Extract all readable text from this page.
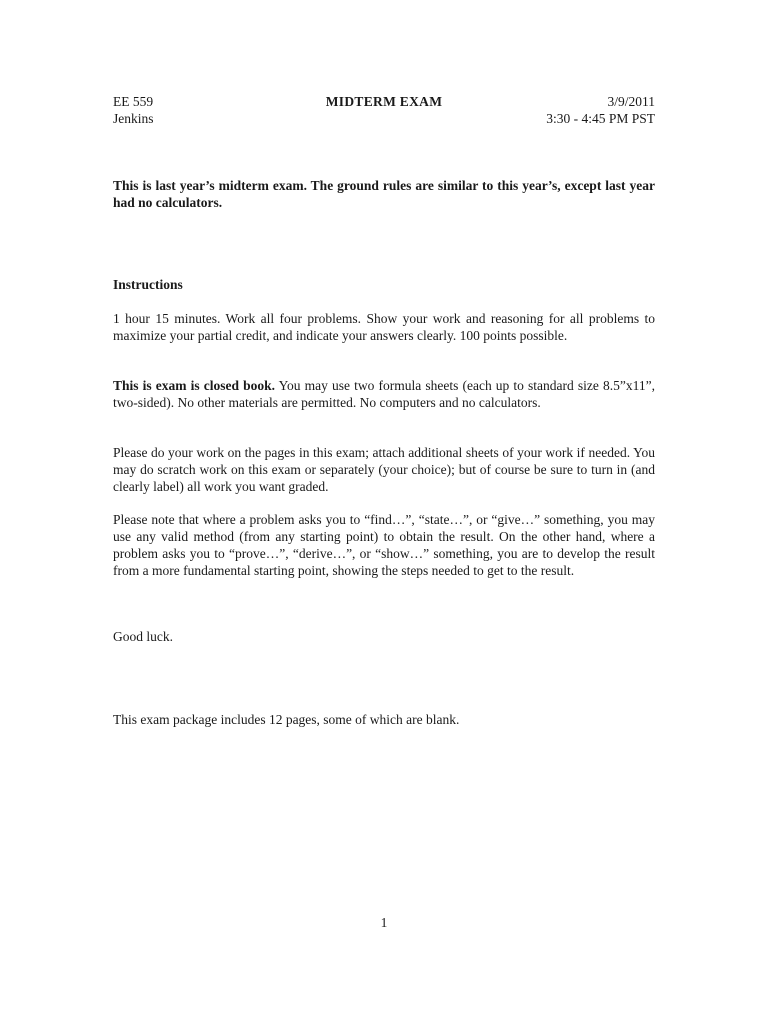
EE 559	MIDTERM EXAM	3/9/2011
Jenkins	3:30 - 4:45 PM PST

This is last year’s midterm exam. The ground rules are similar to this year’s, except last year had no calculators.

Instructions

1 hour 15 minutes. Work all four problems. Show your work and reasoning for all problems to maximize your partial credit, and indicate your answers clearly. 100 points possible.

This is exam is closed book. You may use two formula sheets (each up to standard size 8.5”x11”, two-sided). No other materials are permitted. No computers and no calculators.

Please do your work on the pages in this exam; attach additional sheets of your work if needed. You may do scratch work on this exam or separately (your choice); but of course be sure to turn in (and clearly label) all work you want graded.

Please note that where a problem asks you to “find…”, “state…”, or “give…” something, you may use any valid method (from any starting point) to obtain the result. On the other hand, where a problem asks you to “prove…”, “derive…”, or “show…” something, you are to develop the result from a more fundamental starting point, showing the steps needed to get to the result.

Good luck.

This exam package includes 12 pages, some of which are blank.

1
